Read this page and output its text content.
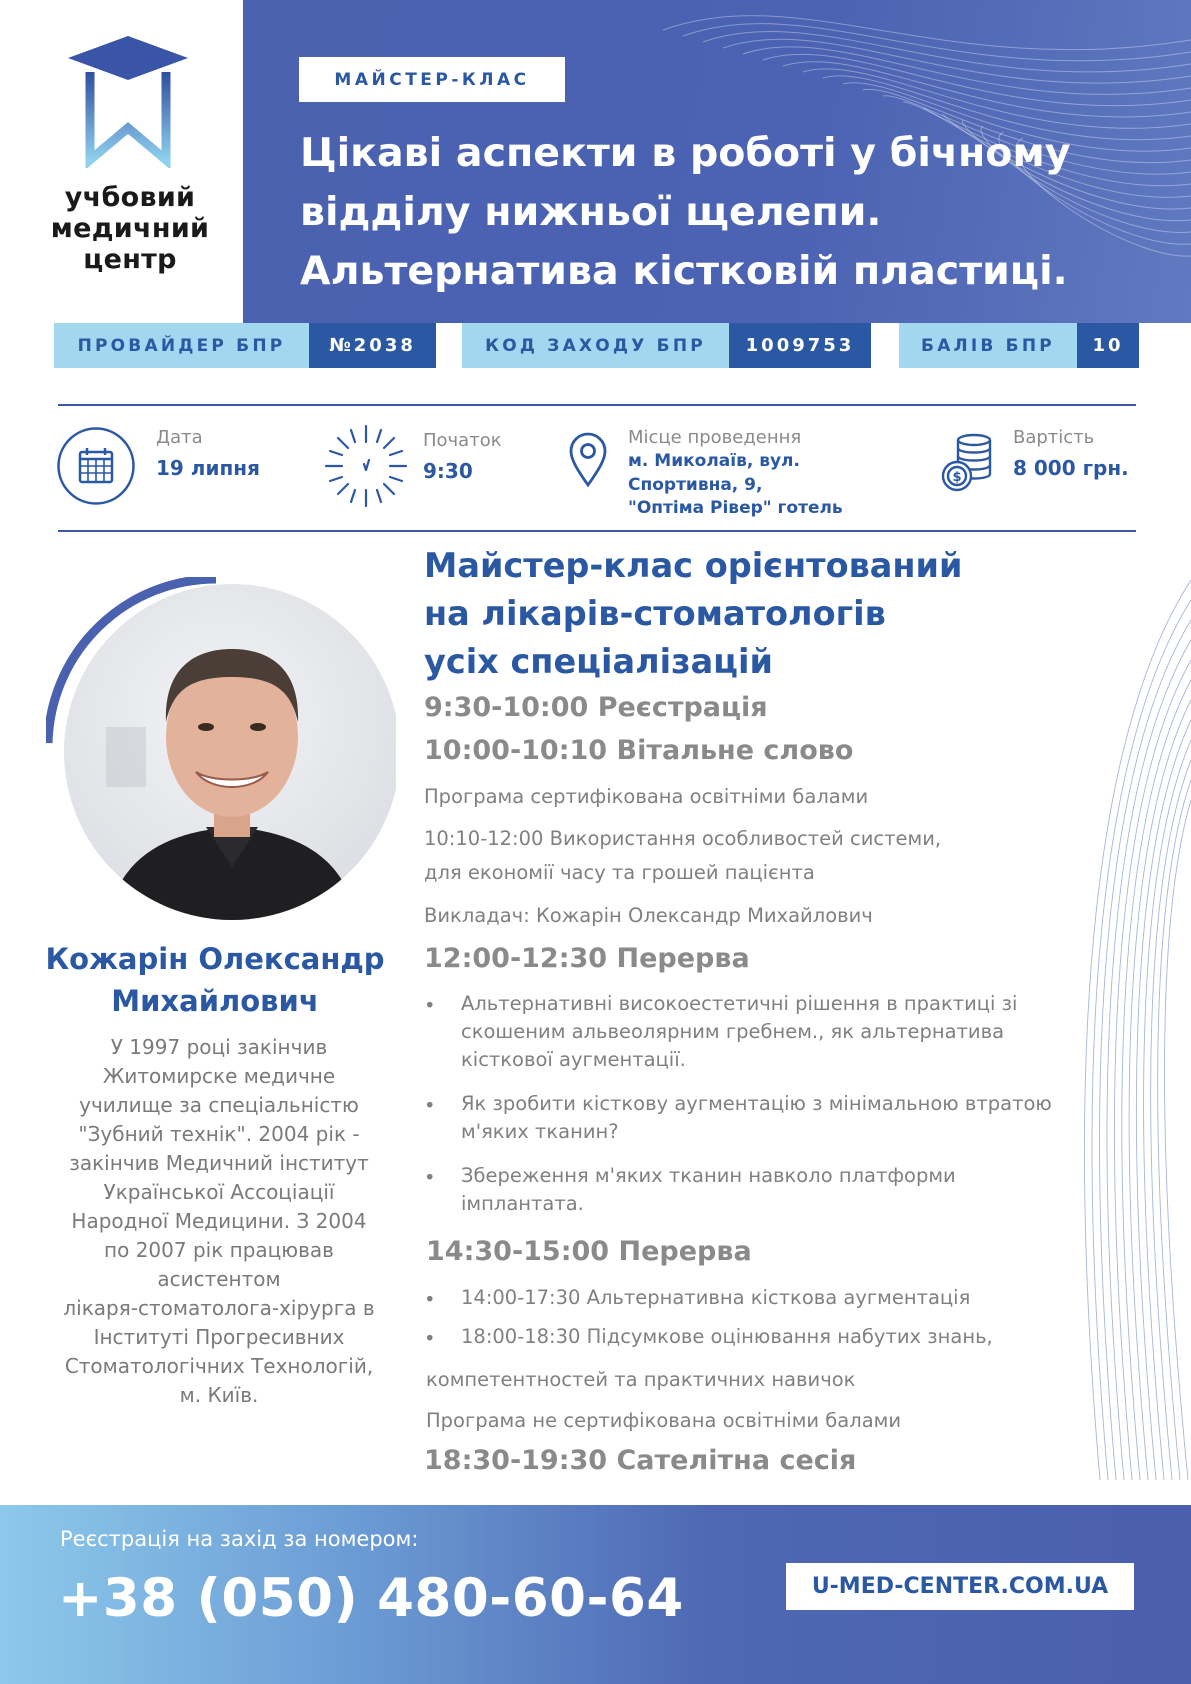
учбовий
медичний
центр
МАЙСТЕР-КЛАС
Цікаві аспекти в роботі у бічному
відділу нижньої щелепи.
Альтернатива кістковій пластиці.
ПРОВАЙДЕР БПР	№2038	КОД ЗАХОДУ БПР	1009753	БАЛІВ БПР	10
Дата
19 липня
Початок
9:30
Місце проведення
м. Миколаїв, вул.
Спортивна, 9,
"Оптіма Рівер" готель
$
Вартість
8 000 грн.
Кожарін Олександр
Михайлович
У 1997 році закінчив
Житомирске медичне
училище за спеціальністю
"Зубний технік". 2004 рік -
закінчив Медичний інститут
Української Ассоціації
Народної Медицини. З 2004
по 2007 рік працював
асистентом
лікаря-стоматолога-хірурга в
Інституті Прогресивних
Стоматологічних Технологій,
м. Київ.
Майстер-клас орієнтований
на лікарів-стоматологів
усіх спеціалізацій
9:30-10:00 Реєстрація
10:00-10:10 Вітальне слово
Програма сертифікована освітніми балами
10:10-12:00 Використання особливостей системи,
для економії часу та грошей пацієнта
Викладач: Кожарін Олександр Михайлович
12:00-12:30 Перерва
• Альтернативні високоестетичні рішення в практиці зі
скошеним альвеолярним гребнем., як альтернатива
кісткової аугментації.
• Як зробити кісткову аугментацію з мінімальною втратою
м'яких тканин?
• Збереження м'яких тканин навколо платформи
імплантата.
14:30-15:00 Перерва
• 14:00-17:30 Альтернативна кісткова аугментація
• 18:00-18:30 Підсумкове оцінювання набутих знань,
компетентностей та практичних навичок
Програма не сертифікована освітніми балами
18:30-19:30 Сателітна сесія
Реєстрація на захід за номером:
+38 (050) 480-60-64	U-MED-CENTER.COM.UA
